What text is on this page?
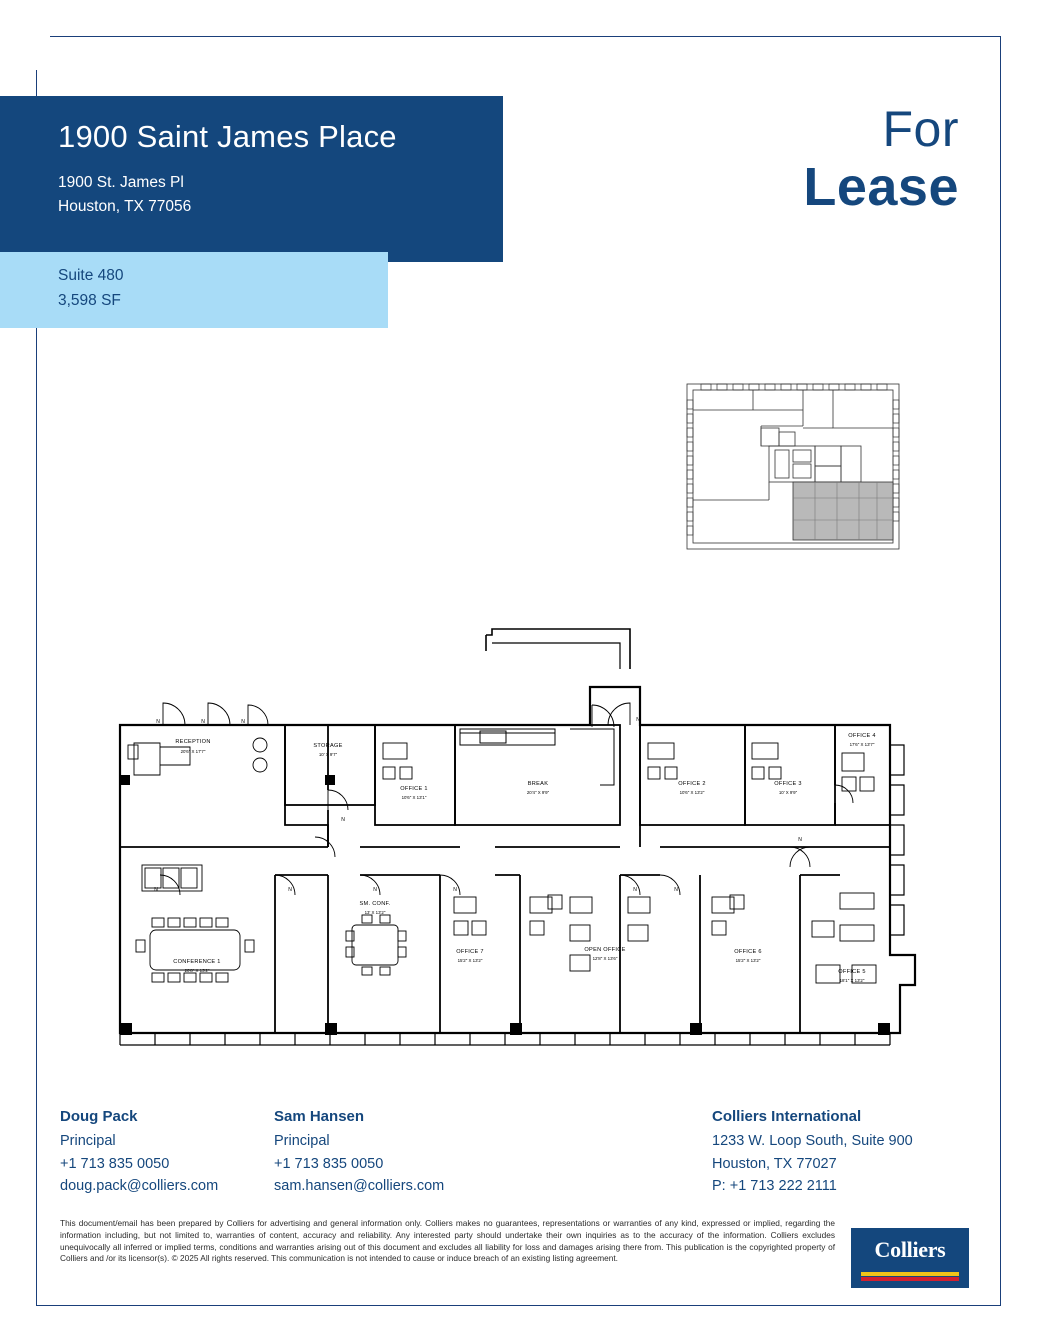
1900 Saint James Place
1900 St. James Pl
Houston, TX 77056
Suite 480
3,598 SF
For
Lease
RECEPTION
20'6" X 17'7"
STORAGE
10' X 9'7"
OFFICE 1
10'6" X 13'1"
BREAK
20'4" X 9'9"
OFFICE 2
10'6" X 13'2"
OFFICE 3
10' X 9'9"
OFFICE 4
17'6" X 13'7"
CONFERENCE 1
20'8" X 13'2"
SM. CONF.
13' X 13'2"
OFFICE 7
15'2" X 13'2"
OPEN OFFICE
12'8" X 13'6"
OFFICE 6
15'2" X 13'2"
OFFICE 5
18'1" X 13'2"
N	N	N	N
N
N
N	N	N	N	N	N
Doug Pack
Principal
+1 713 835 0050
doug.pack@colliers.com
Sam Hansen
Principal
+1 713 835 0050
sam.hansen@colliers.com
Colliers International
1233 W. Loop South, Suite 900
Houston, TX 77027
P: +1 713 222 2111
This document/email has been prepared by Colliers for advertising and general information only. Colliers makes no guarantees, representations or warranties of any kind, expressed or implied, regarding the information including, but not limited to, warranties of content, accuracy and reliability. Any interested party should undertake their own inquiries as to the accuracy of the information. Colliers excludes unequivocally all inferred or implied terms, conditions and warranties arising out of this document and excludes all liability for loss and damages arising there from. This publication is the copyrighted property of Colliers and /or its licensor(s). © 2025 All rights reserved. This communication is not intended to cause or induce breach of an existing listing agreement.	Colliers
